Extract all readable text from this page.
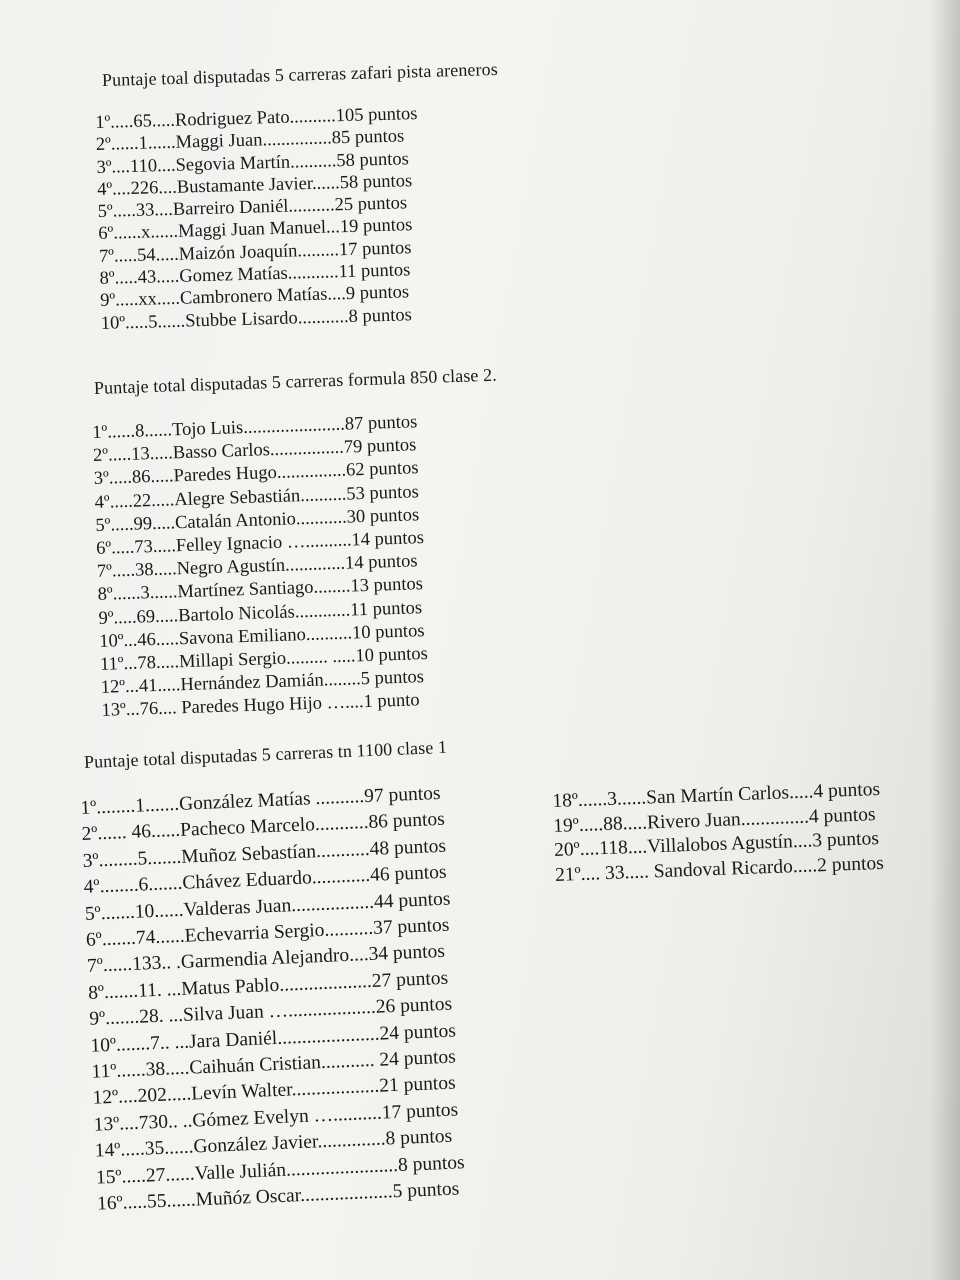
Puntaje toal disputadas 5 carreras zafari pista areneros
1º.....65.....Rodriguez Pato..........105 puntos
2º......1......Maggi Juan...............85 puntos
3º....110....Segovia Martín..........58 puntos
4º....226....Bustamante Javier......58 puntos
5º.....33....Barreiro Daniél..........25 puntos
6º......x......Maggi Juan Manuel...19 puntos
7º.....54.....Maizón Joaquín.........17 puntos
8º.....43.....Gomez Matías...........11 puntos
9º.....xx.....Cambronero Matías....9 puntos
10º.....5......Stubbe Lisardo...........8 puntos
Puntaje total disputadas 5 carreras formula 850 clase 2.
1º......8......Tojo Luis......................87 puntos
2º.....13.....Basso Carlos................79 puntos
3º.....86.....Paredes Hugo...............62 puntos
4º.....22.....Alegre Sebastián..........53 puntos
5º.....99.....Catalán Antonio...........30 puntos
6º.....73.....Felley Ignacio …..........14 puntos
7º.....38.....Negro Agustín.............14 puntos
8º......3......Martínez Santiago........13 puntos
9º.....69.....Bartolo Nicolás............11 puntos
10º...46.....Savona Emiliano..........10 puntos
11º...78.....Millapi Sergio......... .....10 puntos
12º...41.....Hernández Damián........5 puntos
13º...76.... Paredes Hugo Hijo …....1 punto
Puntaje total disputadas 5 carreras tn 1100 clase 1
1º........1.......González Matías ..........97 puntos
2º...... 46......Pacheco Marcelo...........86 puntos
3º........5.......Muñoz Sebastían...........48 puntos
4º........6.......Chávez Eduardo............46 puntos
5º.......10......Valderas Juan.................44 puntos
6º.......74......Echevarria Sergio..........37 puntos
7º......133.. .Garmendia Alejandro....34 puntos
8º.......11. ...Matus Pablo...................27 puntos
9º.......28. ...Silva Juan …..................26 puntos
10º.......7.. ...Jara Daniél.....................24 puntos
11º......38.....Caihuán Cristian........... 24 puntos
12º....202.....Levín Walter..................21 puntos
13º....730.. ..Gómez Evelyn …..........17 puntos
14º.....35......González Javier..............8 puntos
15º.....27......Valle Julián.......................8 puntos
16º.....55......Muñóz Oscar...................5 puntos
18º......3......San Martín Carlos.....4 puntos
19º.....88.....Rivero Juan..............4 puntos
20º....118....Villalobos Agustín....3 puntos
21º.... 33..... Sandoval Ricardo.....2 puntos
